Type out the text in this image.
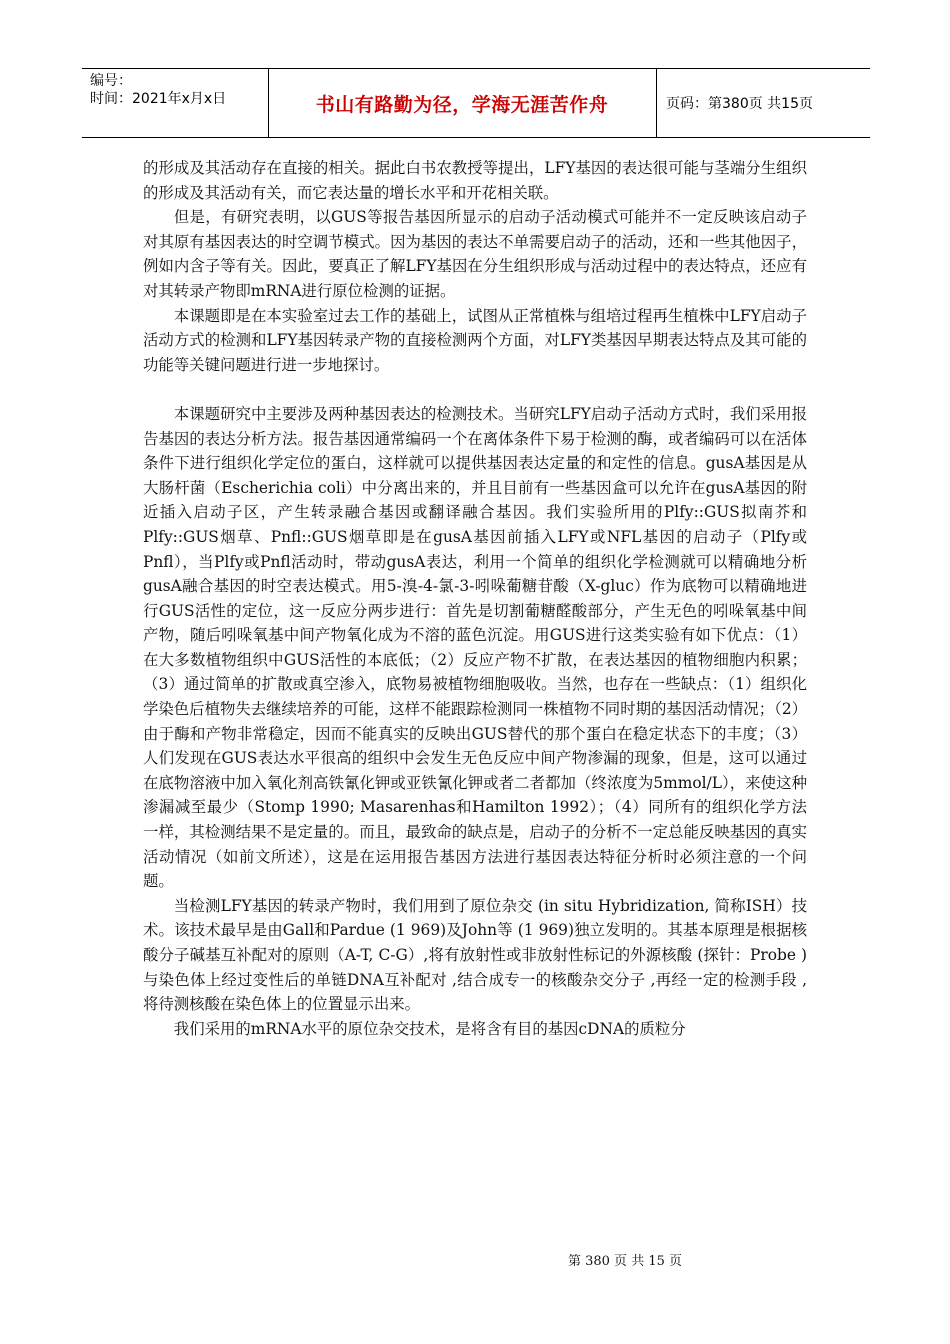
编号：
时间：2021年x月x日	书山有路勤为径，学海无涯苦作舟	页码：第380页 共15页

的形成及其活动存在直接的相关。据此白书农教授等提出，LFY基因的表达很可能与茎端分生组织的形成及其活动有关，而它表达量的增长水平和开花相关联。

但是，有研究表明，以GUS等报告基因所显示的启动子活动模式可能并不一定反映该启动子对其原有基因表达的时空调节模式。因为基因的表达不单需要启动子的活动，还和一些其他因子，例如内含子等有关。因此，要真正了解LFY基因在分生组织形成与活动过程中的表达特点，还应有对其转录产物即mRNA进行原位检测的证据。

本课题即是在本实验室过去工作的基础上，试图从正常植株与组培过程再生植株中LFY启动子活动方式的检测和LFY基因转录产物的直接检测两个方面，对LFY类基因早期表达特点及其可能的功能等关键问题进行进一步地探讨。

本课题研究中主要涉及两种基因表达的检测技术。当研究LFY启动子活动方式时，我们采用报告基因的表达分析方法。报告基因通常编码一个在离体条件下易于检测的酶，或者编码可以在活体条件下进行组织化学定位的蛋白，这样就可以提供基因表达定量的和定性的信息。gusA基因是从大肠杆菌（Escherichia coli）中分离出来的，并且目前有一些基因盒可以允许在gusA基因的附近插入启动子区，产生转录融合基因或翻译融合基因。我们实验所用的Plfy::GUS拟南芥和Plfy::GUS烟草、Pnfl::GUS烟草即是在gusA基因前插入LFY或NFL基因的启动子（Plfy或Pnfl），当Plfy或Pnfl活动时，带动gusA表达，利用一个简单的组织化学检测就可以精确地分析gusA融合基因的时空表达模式。用5-溴-4-氯-3-吲哚葡糖苷酸（X-gluc）作为底物可以精确地进行GUS活性的定位，这一反应分两步进行：首先是切割葡糖醛酸部分，产生无色的吲哚氧基中间产物，随后吲哚氧基中间产物氧化成为不溶的蓝色沉淀。用GUS进行这类实验有如下优点：（1）在大多数植物组织中GUS活性的本底低；（2）反应产物不扩散，在表达基因的植物细胞内积累；（3）通过简单的扩散或真空渗入，底物易被植物细胞吸收。当然，也存在一些缺点：（1）组织化学染色后植物失去继续培养的可能，这样不能跟踪检测同一株植物不同时期的基因活动情况；（2）由于酶和产物非常稳定，因而不能真实的反映出GUS替代的那个蛋白在稳定状态下的丰度；（3）人们发现在GUS表达水平很高的组织中会发生无色反应中间产物渗漏的现象，但是，这可以通过在底物溶液中加入氧化剂高铁氰化钾或亚铁氰化钾或者二者都加（终浓度为5mmol/L），来使这种渗漏减至最少（Stomp 1990; Masarenhas和Hamilton 1992）；（4）同所有的组织化学方法一样，其检测结果不是定量的。而且，最致命的缺点是，启动子的分析不一定总能反映基因的真实活动情况（如前文所述），这是在运用报告基因方法进行基因表达特征分析时必须注意的一个问题。

当检测LFY基因的转录产物时，我们用到了原位杂交 (in situ Hybridization, 简称ISH）技术。该技术最早是由Gall和Pardue (1 969)及John等 (1 969)独立发明的。其基本原理是根据核酸分子碱基互补配对的原则（A-T, C-G）,将有放射性或非放射性标记的外源核酸 (探针：Probe )与染色体上经过变性后的单链DNA互补配对 ,结合成专一的核酸杂交分子 ,再经一定的检测手段 ,将待测核酸在染色体上的位置显示出来。

我们采用的mRNA水平的原位杂交技术，是将含有目的基因cDNA的质粒分

第 380 页 共 15 页
